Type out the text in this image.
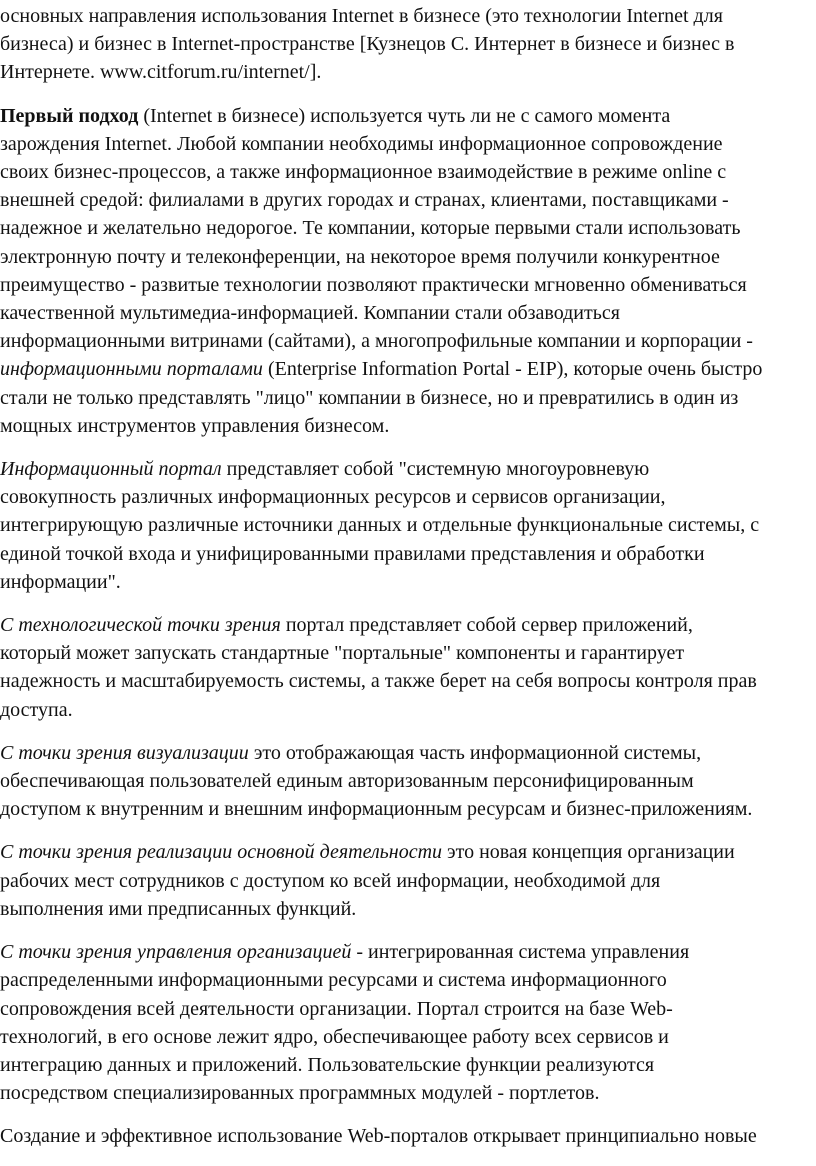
основных направления использования Internet в бизнесе (это технологии Internet для
бизнеса) и бизнес в Internet-пространстве [Кузнецов С. Интернет в бизнесе и бизнес в
Интернете. www.citforum.ru/internet/].

Первый подход (Internet в бизнесе) используется чуть ли не с самого момента
зарождения Internet. Любой компании необходимы информационное сопровождение
своих бизнес-процессов, а также информационное взаимодействие в режиме online с
внешней средой: филиалами в других городах и странах, клиентами, поставщиками -
надежное и желательно недорогое. Те компании, которые первыми стали использовать
электронную почту и телеконференции, на некоторое время получили конкурентное
преимущество - развитые технологии позволяют практически мгновенно обмениваться
качественной мультимедиа-информацией. Компании стали обзаводиться
информационными витринами (сайтами), а многопрофильные компании и корпорации -
информационными порталами (Enterprise Information Portal - EIP), которые очень быстро
стали не только представлять "лицо" компании в бизнесе, но и превратились в один из
мощных инструментов управления бизнесом.

Информационный портал представляет собой "системную многоуровневую
совокупность различных информационных ресурсов и сервисов организации,
интегрирующую различные источники данных и отдельные функциональные системы, с
единой точкой входа и унифицированными правилами представления и обработки
информации".

С технологической точки зрения портал представляет собой сервер приложений,
который может запускать стандартные "портальные" компоненты и гарантирует
надежность и масштабируемость системы, а также берет на себя вопросы контроля прав
доступа.

С точки зрения визуализации это отображающая часть информационной системы,
обеспечивающая пользователей единым авторизованным персонифицированным
доступом к внутренним и внешним информационным ресурсам и бизнес-приложениям.

С точки зрения реализации основной деятельности это новая концепция организации
рабочих мест сотрудников с доступом ко всей информации, необходимой для
выполнения ими предписанных функций.

С точки зрения управления организацией - интегрированная система управления
распределенными информационными ресурсами и система информационного
сопровождения всей деятельности организации. Портал строится на базе Web-
технологий, в его основе лежит ядро, обеспечивающее работу всех сервисов и
интеграцию данных и приложений. Пользовательские функции реализуются
посредством специализированных программных модулей - портлетов.

Создание и эффективное использование Web-порталов открывает принципиально новые
